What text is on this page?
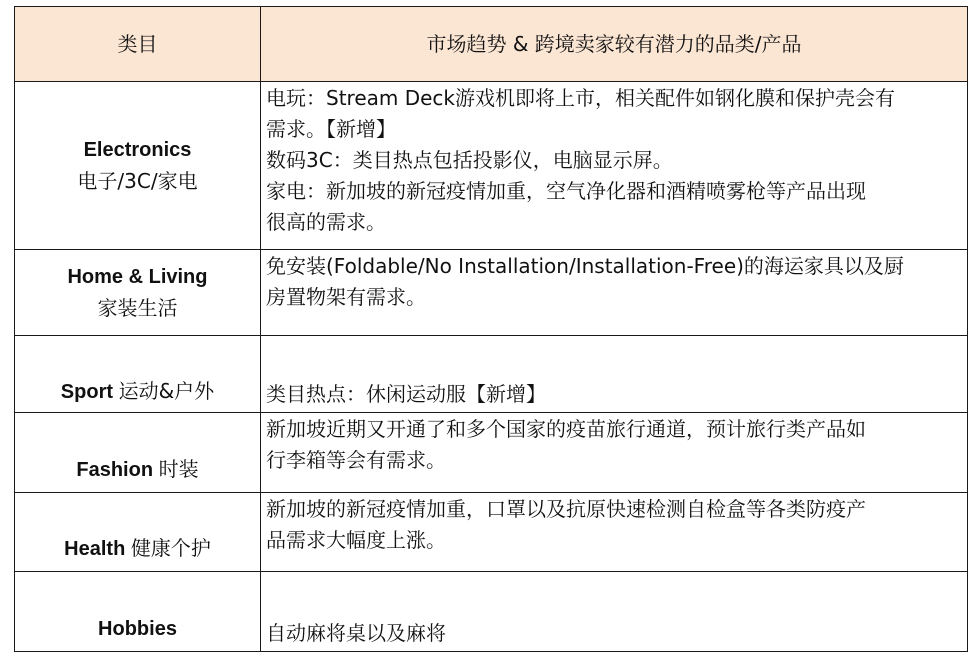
类目	市场趋势 & 跨境卖家较有潜力的品类/产品

Electronics
电子/3C/家电	电玩：Stream Deck游戏机即将上市，相关配件如钢化膜和保护壳会有
需求。【新增】
数码3C：类目热点包括投影仪，电脑显示屏。
家电：新加坡的新冠疫情加重，空气净化器和酒精喷雾枪等产品出现
很高的需求。

Home & Living
家装生活	免安装(Foldable/No Installation/Installation-Free)的海运家具以及厨
房置物架有需求。

Sport 运动&户外	类目热点：休闲运动服【新增】

Fashion 时装	新加坡近期又开通了和多个国家的疫苗旅行通道，预计旅行类产品如
行李箱等会有需求。

Health 健康个护	新加坡的新冠疫情加重，口罩以及抗原快速检测自检盒等各类防疫产
品需求大幅度上涨。

Hobbies	自动麻将桌以及麻将
